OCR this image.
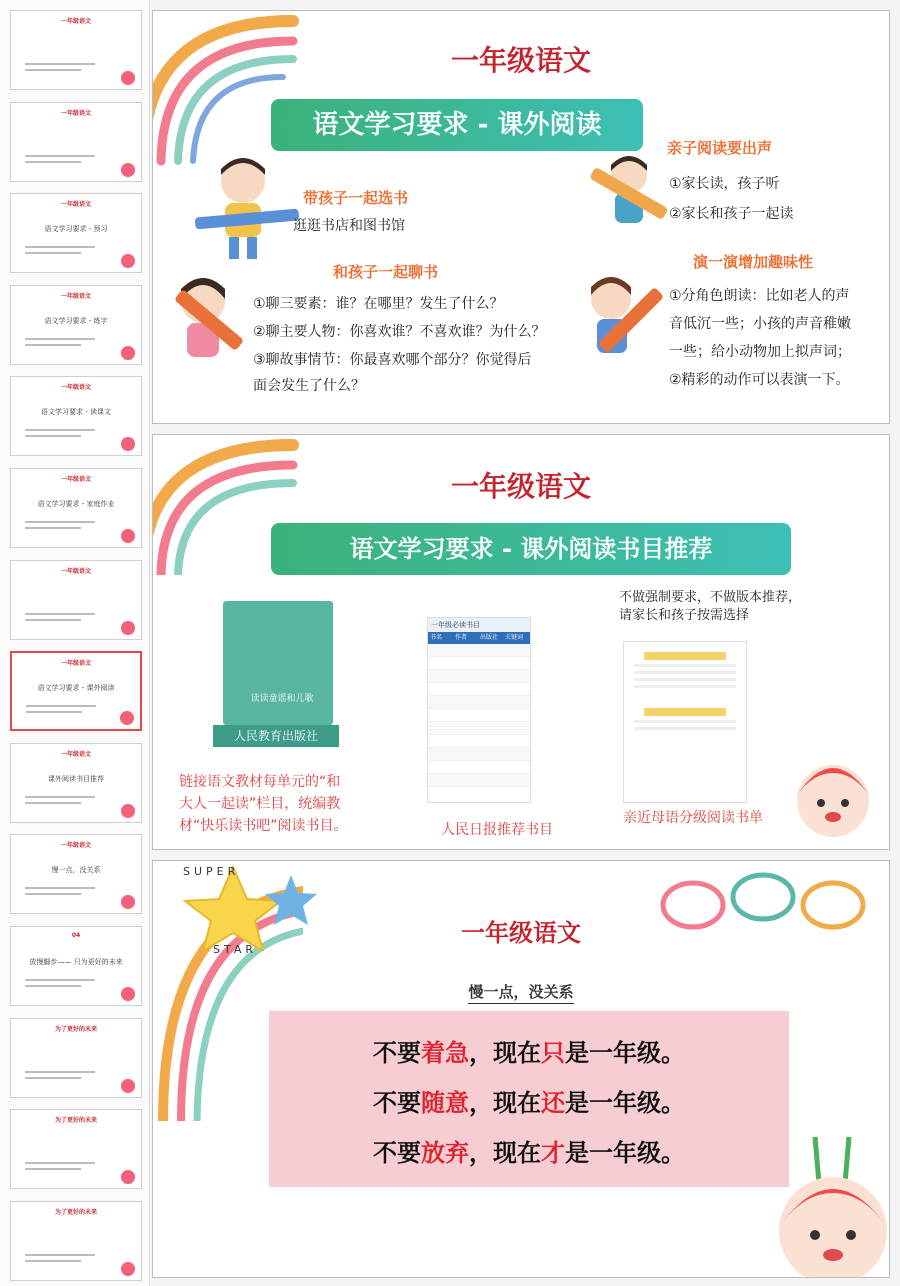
一年级语文
一年级语文
一年级语文
语文学习要求 - 预习
一年级语文
语文学习要求 - 练字
一年级语文
语文学习要求 - 读课文
一年级语文
语文学习要求 - 家庭作业
一年级语文
一年级语文
语文学习要求 - 课外阅读
一年级语文
课外阅读书目推荐
一年级语文
慢一点，没关系
04
放慢脚步—— 只为更好的未来
为了更好的未来
为了更好的未来
为了更好的未来
一年级语文
语文学习要求 - 课外阅读
带孩子一起选书
逛逛书店和图书馆
和孩子一起聊书
①聊三要素：谁？在哪里？发生了什么？
②聊主要人物：你喜欢谁？不喜欢谁？为什么？
③聊故事情节：你最喜欢哪个部分？你觉得后
面会发生了什么？
亲子阅读要出声
①家长读，孩子听
②家长和孩子一起读
演一演增加趣味性
①分角色朗读：比如老人的声
音低沉一些；小孩的声音稚嫩
一些；给小动物加上拟声词；
②精彩的动作可以表演一下。
一年级语文
语文学习要求 - 课外阅读书目推荐
读读童谣和儿歌
人民教育出版社
一年级必读书目
书名	作者	出版社	关键词
不做强制要求，不做版本推荐，
请家长和孩子按需选择
链接语文教材每单元的“和
大人一起读”栏目，统编教
材“快乐读书吧”阅读书目。	人民日报推荐书目
亲近母语分级阅读书单
SUPER
STAR
一年级语文
慢一点，没关系
不要着急，现在只是一年级。
不要随意，现在还是一年级。
不要放弃，现在才是一年级。
